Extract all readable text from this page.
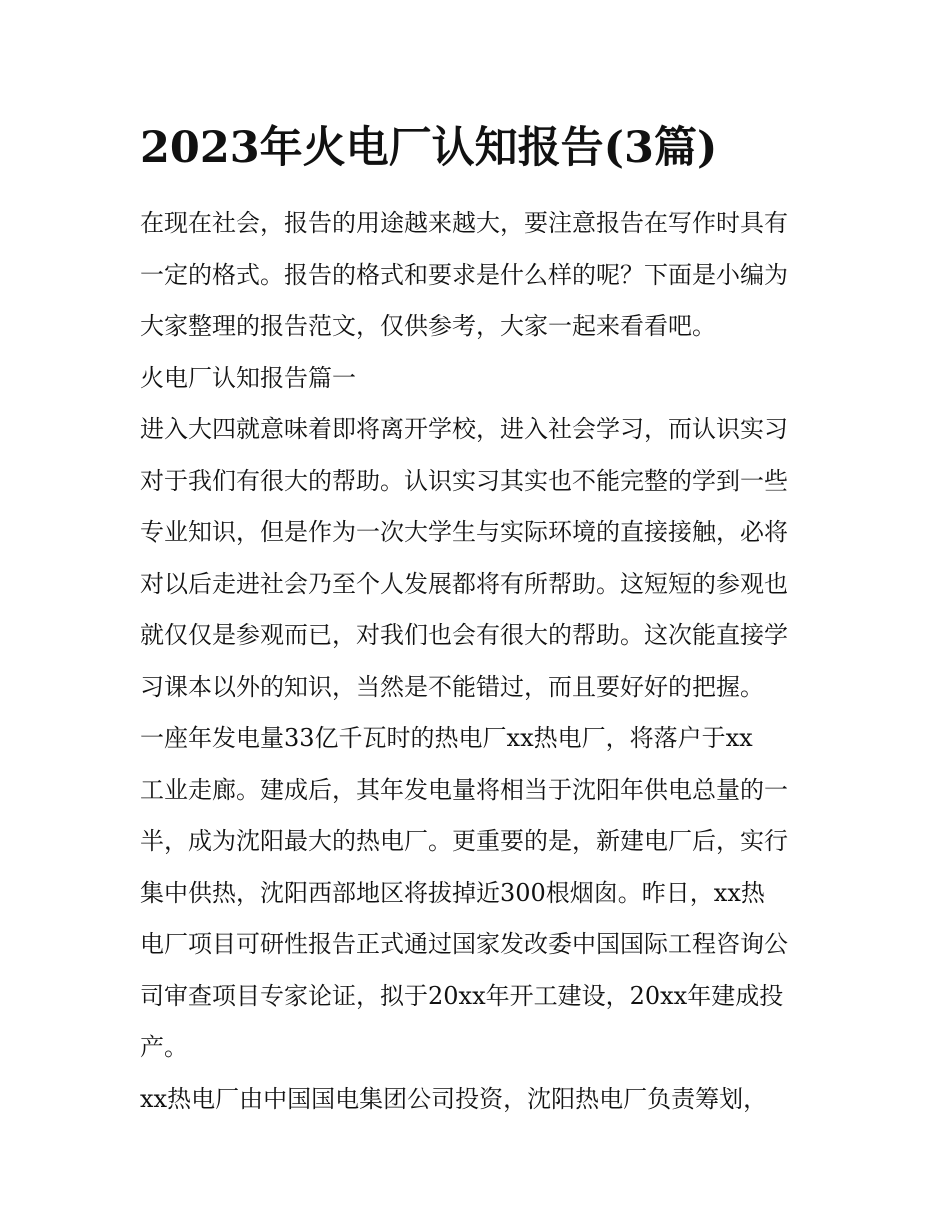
2023年火电厂认知报告(3篇)
在现在社会，报告的用途越来越大，要注意报告在写作时具有
一定的格式。报告的格式和要求是什么样的呢？下面是小编为
大家整理的报告范文，仅供参考，大家一起来看看吧。
火电厂认知报告篇一
进入大四就意味着即将离开学校，进入社会学习，而认识实习
对于我们有很大的帮助。认识实习其实也不能完整的学到一些
专业知识，但是作为一次大学生与实际环境的直接接触，必将
对以后走进社会乃至个人发展都将有所帮助。这短短的参观也
就仅仅是参观而已，对我们也会有很大的帮助。这次能直接学
习课本以外的知识，当然是不能错过，而且要好好的把握。
一座年发电量33亿千瓦时的热电厂xx热电厂，将落户于xx
工业走廊。建成后，其年发电量将相当于沈阳年供电总量的一
半，成为沈阳最大的热电厂。更重要的是，新建电厂后，实行
集中供热，沈阳西部地区将拔掉近300根烟囱。昨日，xx热
电厂项目可研性报告正式通过国家发改委中国国际工程咨询公
司审查项目专家论证，拟于20xx年开工建设，20xx年建成投
产。
xx热电厂由中国国电集团公司投资，沈阳热电厂负责筹划，
